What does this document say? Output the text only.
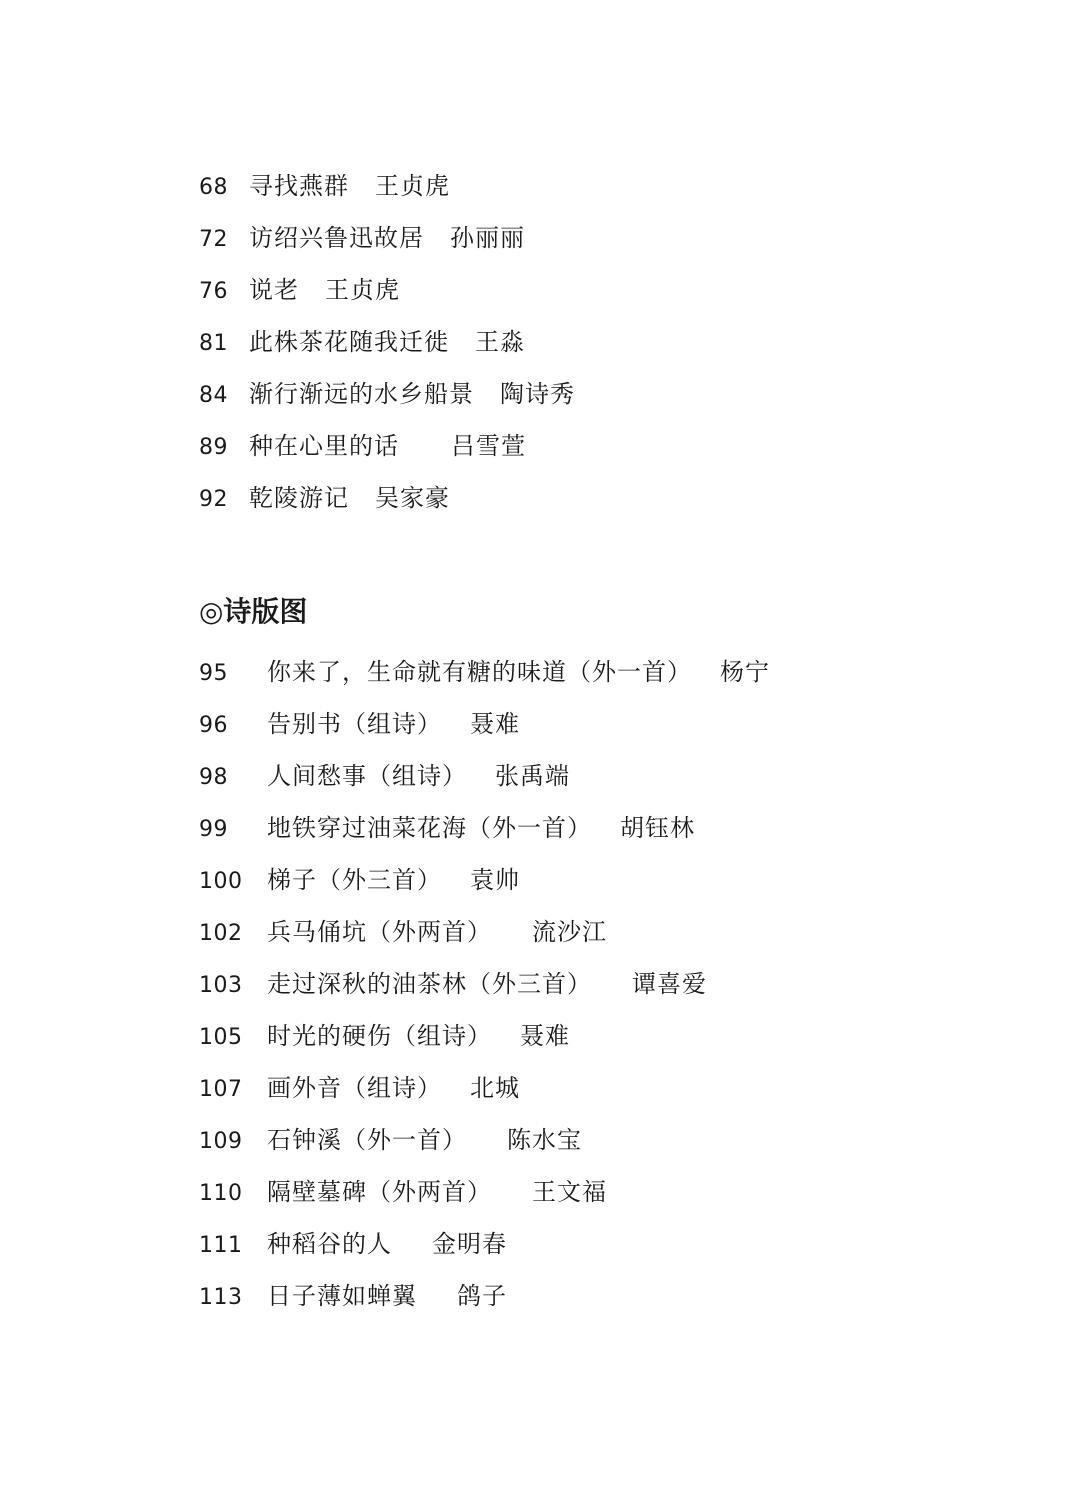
68 寻找燕群 王贞虎
72 访绍兴鲁迅故居 孙丽丽
76 说老 王贞虎
81 此株茶花随我迁徙 王淼
84 渐行渐远的水乡船景 陶诗秀
89 种在心里的话 吕雪萱
92 乾陵游记 吴家豪
◎诗版图
95 你来了，生命就有糖的味道（外一首） 杨宁
96 告别书（组诗） 聂难
98 人间愁事（组诗） 张禹端
99 地铁穿过油菜花海（外一首） 胡钰林
100 梯子（外三首） 袁帅
102 兵马俑坑（外两首） 流沙江
103 走过深秋的油茶林（外三首） 谭喜爱
105 时光的硬伤（组诗） 聂难
107 画外音（组诗） 北城
109 石钟溪（外一首） 陈水宝
110 隔壁墓碑（外两首） 王文福
111 种稻谷的人 金明春
113 日子薄如蝉翼 鸽子
